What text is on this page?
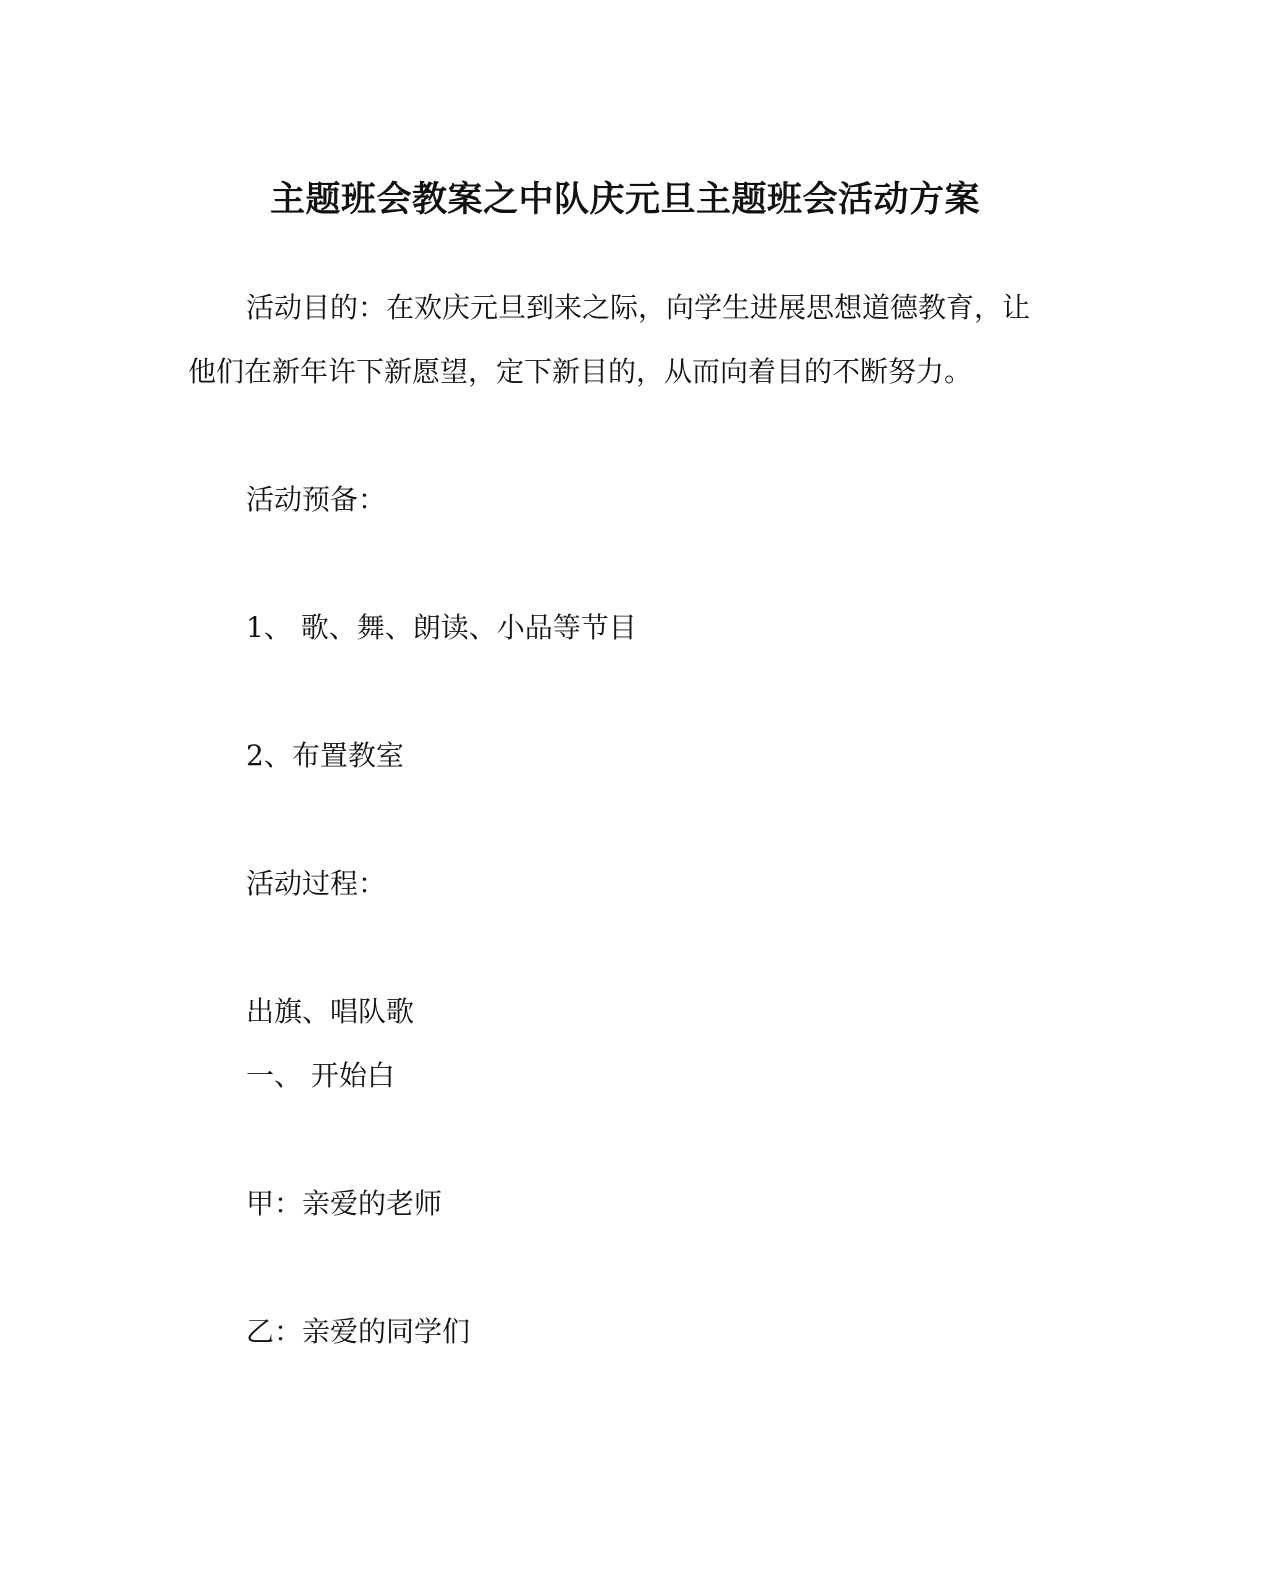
主题班会教案之中队庆元旦主题班会活动方案
活动目的：在欢庆元旦到来之际，向学生进展思想道德教育，让
他们在新年许下新愿望，定下新目的，从而向着目的不断努力。
活动预备：
1、 歌、舞、朗读、小品等节目
2、布置教室
活动过程：
出旗、唱队歌
一、 开始白
甲：亲爱的老师
乙：亲爱的同学们
